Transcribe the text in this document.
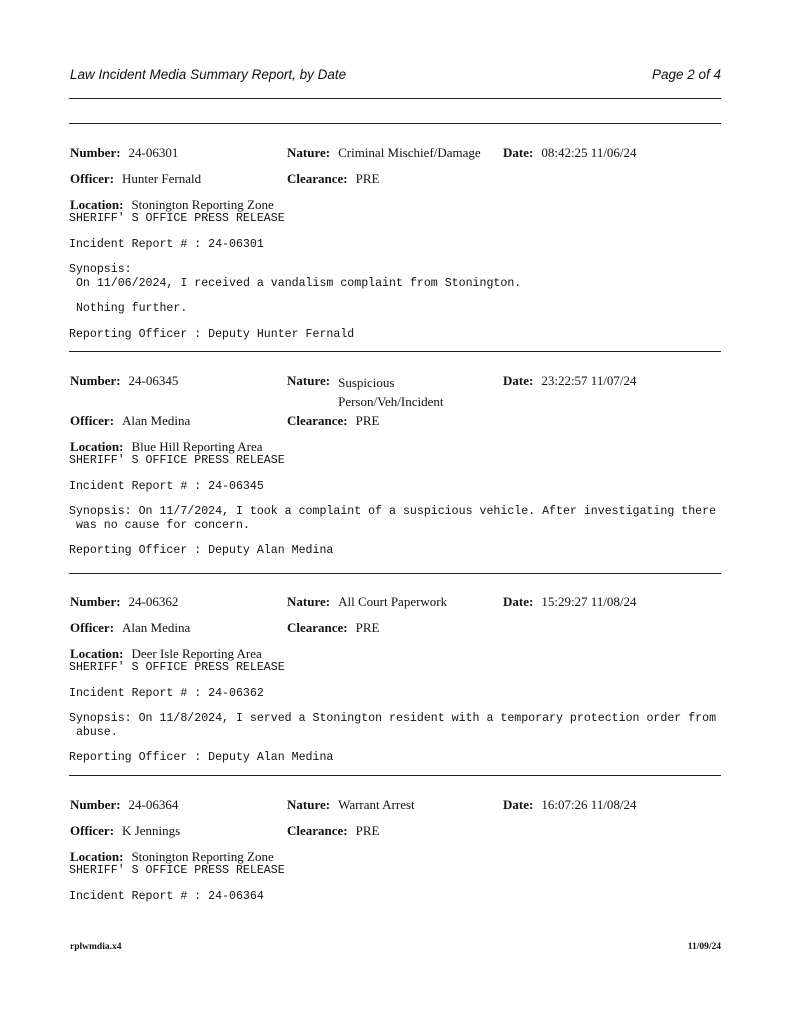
Law Incident Media Summary Report, by Date	Page 2 of 4
Number: 24-06301	Nature: Criminal Mischief/Damage Date: 08:42:25 11/06/24
Officer: Hunter Fernald	Clearance: PRE
Location: Stonington Reporting Zone

SHERIFF' S OFFICE PRESS RELEASE

Incident Report # : 24-06301

Synopsis:

On 11/06/2024, I received a vandalism complaint from Stonington.

Nothing further.

Reporting Officer : Deputy Hunter Fernald

Number: 24-06345	Nature: Suspicious Person/Veh/Incident
Date: 23:22:57 11/07/24
Officer: Alan Medina	Clearance: PRE
Location: Blue Hill Reporting Area

SHERIFF' S OFFICE PRESS RELEASE

Incident Report # : 24-06345

Synopsis: On 11/7/2024, I took a complaint of a suspicious vehicle. After investigating there
was no cause for concern.

Reporting Officer : Deputy Alan Medina

Number: 24-06362	Nature: All Court Paperwork	Date: 15:29:27 11/08/24
Officer: Alan Medina	Clearance: PRE
Location: Deer Isle Reporting Area

SHERIFF' S OFFICE PRESS RELEASE

Incident Report # : 24-06362

Synopsis: On 11/8/2024, I served a Stonington resident with a temporary protection order from
abuse.

Reporting Officer : Deputy Alan Medina

Number: 24-06364	Nature: Warrant Arrest	Date: 16:07:26 11/08/24
Officer: K Jennings	Clearance: PRE
Location: Stonington Reporting Zone

SHERIFF' S OFFICE PRESS RELEASE

Incident Report # : 24-06364

rplwmdia.x4	11/09/24
